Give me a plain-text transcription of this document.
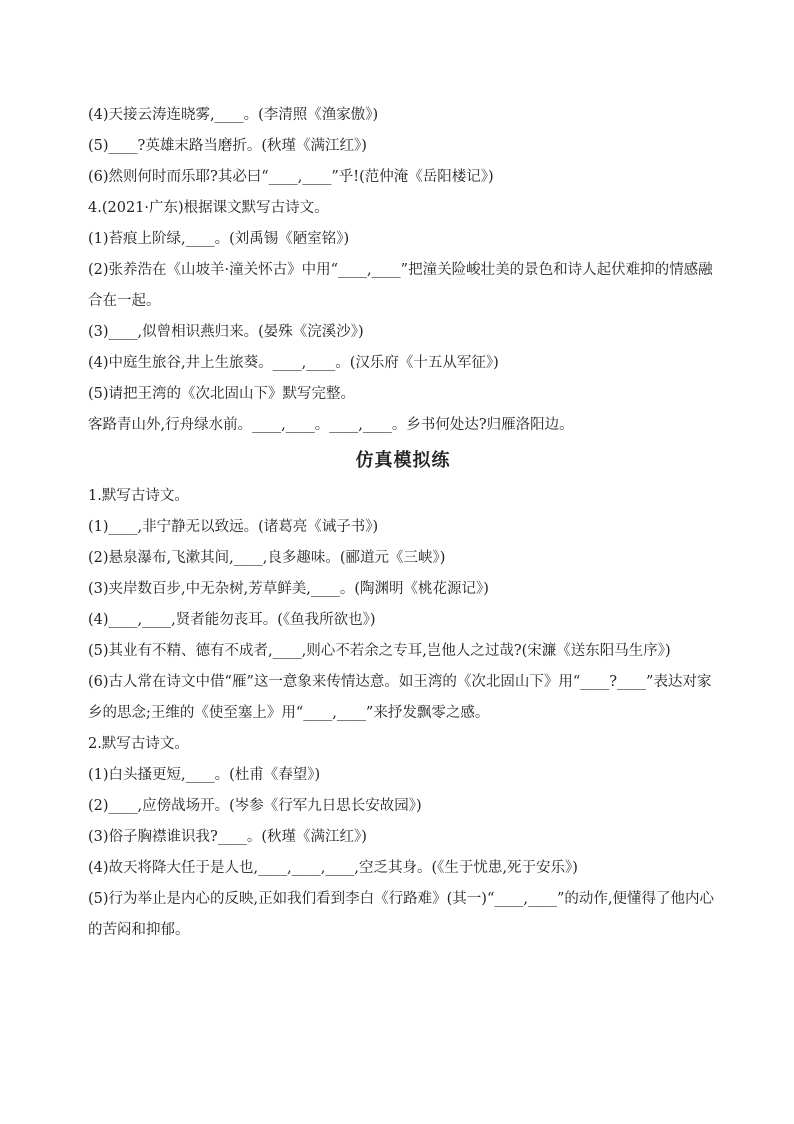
(4)天接云涛连晓雾,____。(李清照《渔家傲》)
(5)____?英雄末路当磨折。(秋瑾《满江红》)
(6)然则何时而乐耶?其必曰“____,____”乎!(范仲淹《岳阳楼记》)
4.(2021·广东)根据课文默写古诗文。
(1)苔痕上阶绿,____。(刘禹锡《陋室铭》)
(2)张养浩在《山坡羊·潼关怀古》中用“____,____”把潼关险峻壮美的景色和诗人起伏难抑的情感融合在一起。
(3)____,似曾相识燕归来。(晏殊《浣溪沙》)
(4)中庭生旅谷,井上生旅葵。____,____。(汉乐府《十五从军征》)
(5)请把王湾的《次北固山下》默写完整。
客路青山外,行舟绿水前。____,____。____,____。乡书何处达?归雁洛阳边。
仿真模拟练
1.默写古诗文。
(1)____,非宁静无以致远。(诸葛亮《诫子书》)
(2)悬泉瀑布,飞漱其间,____,良多趣味。(郦道元《三峡》)
(3)夹岸数百步,中无杂树,芳草鲜美,____。(陶渊明《桃花源记》)
(4)____,____,贤者能勿丧耳。(《鱼我所欲也》)
(5)其业有不精、德有不成者,____,则心不若余之专耳,岂他人之过哉?(宋濂《送东阳马生序》)
(6)古人常在诗文中借“雁”这一意象来传情达意。如王湾的《次北固山下》用“____?____”表达对家乡的思念;王维的《使至塞上》用“____,____”来抒发飘零之感。
2.默写古诗文。
(1)白头搔更短,____。(杜甫《春望》)
(2)____,应傍战场开。(岑参《行军九日思长安故园》)
(3)俗子胸襟谁识我?____。(秋瑾《满江红》)
(4)故天将降大任于是人也,____,____,____,空乏其身。(《生于忧患,死于安乐》)
(5)行为举止是内心的反映,正如我们看到李白《行路难》(其一)“____,____”的动作,便懂得了他内心的苦闷和抑郁。
